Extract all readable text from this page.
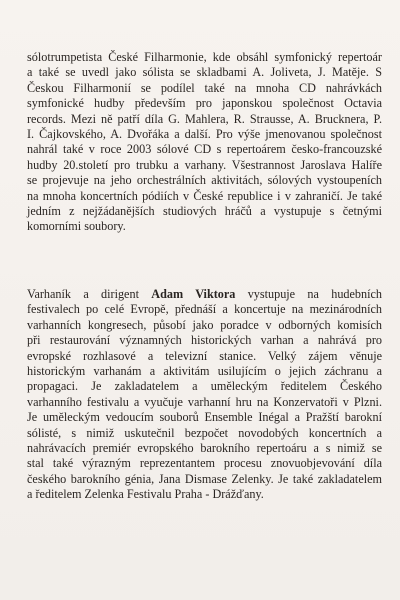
sólotrumpetista České Filharmonie, kde obsáhl symfonický repertoár
a také se uvedl jako sólista se skladbami A. Jolivetа, J. Matěje. S
Českou Filharmonií se podílel také na mnoha CD nahrávkách
symfonické hudby především pro japonskou společnost Octavia
records. Mezi ně patří díla G. Mahlera, R. Strausse, A. Brucknera, P.
I. Čajkovského, A. Dvořáka a další. Pro výše jmenovanou společnost
nahrál také v roce 2003 sólové CD s repertoárem česko-francouzské
hudby 20.století pro trubku a varhany. Všestrannost Jaroslava Halíře
se projevuje na jeho orchestrálních aktivitách, sólových vystoupeních
na mnoha koncertních pódiích v České republice i v zahraničí. Je také
jedním z nejžádanějších studiových hráčů a vystupuje s četnými
komorními soubory.
Varhaník a dirigent Adam Viktora vystupuje na hudebních
festivalech po celé Evropě, přednáší a koncertuje na mezinárodních
varhanních kongresech, působí jako poradce v odborných komisích
při restaurování významných historických varhan a nahrává pro
evropské rozhlasové a televizní stanice. Velký zájem věnuje
historickým varhanám a aktivitám usilujícím o jejich záchranu a
propagaci. Je zakladatelem a uměleckým ředitelem Českého
varhanního festivalu a vyučuje varhanní hru na Konzervatoři v Plzni.
Je uměleckým vedoucím souborů Ensemble Inégal a Pražští barokní
sólisté, s nimiž uskutečnil bezpočet novodobých koncertních a
nahrávacích premiér evropského barokního repertoáru a s nimiž se
stal také výrazným reprezentantem procesu znovuobjevování díla
českého barokního génia, Jana Dismase Zelenky. Je také zakladatelem
a ředitelem Zelenka Festivalu Praha - Drážďany.
